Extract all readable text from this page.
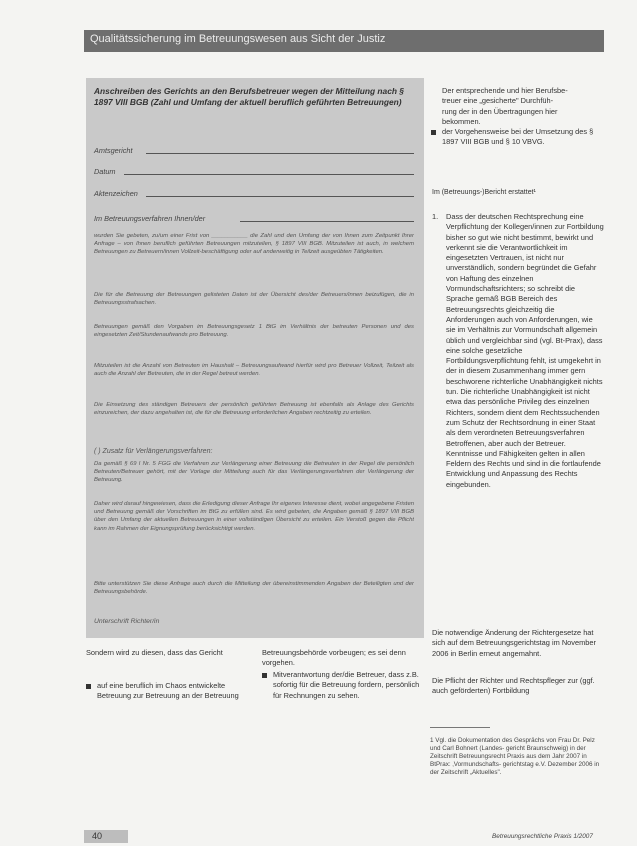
Qualitätssicherung im Betreuungswesen aus Sicht der Justiz
Anschreiben des Gerichts an den Berufsbetreuer wegen der Mitteilung nach § 1897 VIII BGB (Zahl und Umfang der aktuell beruflich geführten Betreuungen)
Amtsgericht
Datum
Aktenzeichen
Im Betreuungsverfahren Ihnen/der
wurden Sie gebeten, zu/um einer Frist von ___________ die Zahl und den Umfang der von Ihnen zum Zeitpunkt Ihrer Anfrage – von Ihnen beruflich geführten Betreuungen mitzuteilen, § 1897 VIII BGB. Mitzuteilen ist auch, in welchem Betreuungen zu Betreuern/innen Vollzeit-beschäftigung oder auf anderweitig in Teilzeit ausgeübten Tätigkeiten.
Die für die Betreuung der Betreuungen gelisteten Daten ist der Übersicht des/der Betreuers/innen beizufügen, die in Betreuungsstrafsachen.
Betreuungen gemäß den Vorgaben im Betreuungsgesetz 1 BtG im Verhältnis der betreuten Personen und des eingesetzten Zeit/Stundenaufwands pro Betreuung.
Mitzuteilen ist die Anzahl von Betreuten im Haushalt – Betreuungsaufwand hierfür wird pro Betreuer Vollzeit, Teilzeit als auch die Anzahl der Betreuten, die in der Regel betreut werden.
Die Einsetzung des ständigen Betreuers der persönlich geführten Betreuung ist ebenfalls als Anlage des Gerichts einzureichen, der dazu angehalten ist, die für die Betreuung erforderlichen Angaben rechtzeitig zu erteilen.
( ) Zusatz für Verlängerungsverfahren:
Da gemäß § 69 I Nr. 5 FGG die Verfahren zur Verlängerung einer Betreuung die Betreuten in der Regel die persönlich Betreuten/Betreuer gehört, mit der Vorlage der Mitteilung auch für das Verlängerungsverfahren der Verlängerung der Betreuung.
Daher wird darauf hingewiesen, dass die Erledigung dieser Anfrage Ihr eigenes Interesse dient, wobei angegebene Fristen und Betreuung gemäß der Vorschriften im BtG zu erfüllen sind. Es wird gebeten, die Angaben gemäß § 1897 VIII BGB über den Umfang der aktuellen Betreuungen in einer vollständigen Übersicht zu erteilen. Ein Verstoß gegen die Pflicht kann im Rahmen der Eignungsprüfung berücksichtigt werden.
Bitte unterstützen Sie diese Anfrage auch durch die Mitteilung der übereinstimmenden Angaben der Beteiligten und der Betreuungsbehörde.
Unterschrift Richter/in
Der entsprechende und hier Berufsbe-
treuer eine „gesicherte" Durchfüh-
rung der in den Übertragungen hier
bekommen.
der Vorgehensweise bei der Umsetzung des § 1897 VIII BGB und § 10 VBVG.
Im (Betreuungs-)Bericht erstattet¹
1.	Dass der deutschen Rechtsprechung eine Verpflichtung der Kollegen/innen zur Fortbildung bisher so gut wie nicht bestimmt, bewirkt und verkennt sie die Verantwortlichkeit im eingesetzten Vertrauen, ist nicht nur unverständlich, sondern begründet die Gefahr von Haftung des einzelnen Vormundschaftsrichters; so schreibt die Sprache gemäß BGB Bereich des Betreuungsrechts gleichzeitig die Anforderungen auch von Anforderungen, wie sie im Verhältnis zur Vormundschaft allgemein üblich und vergleichbar sind (vgl. Bt-Prax), dass eine solche gesetzliche Fortbildungsverpflichtung fehlt, ist umgekehrt in der in diesem Zusammenhang immer gern beschworene richterliche Unabhängigkeit nichts tun. Die richterliche Unabhängigkeit ist nicht etwa das persönliche Privileg des einzelnen Richters, sondern dient dem Rechtssuchenden zum Schutz der Rechtsordnung in einer Staat als dem verordneten Betreuungsverfahren Betroffenen, aber auch der Betreuer. Kenntnisse und Fähigkeiten gelten in allen Feldern des Rechts und sind in die fortlaufende Entwicklung und Anpassung des Rechts eingebunden.
Die notwendige Änderung der Richtergesetze hat sich auf dem Betreuungsgerichtstag im November 2006 in Berlin erneut angemahnt.
Die Pflicht der Richter und Rechtspfleger zur (ggf. auch geförderten) Fortbildung
Sondern wird zu diesen, dass das Gericht
auf eine beruflich im Chaos entwickelte Betreuung zur Betreuung an der Betreuung
Betreuungsbehörde vorbeugen; es sei denn
vorgehen.
Mitverantwortung der/die Betreuer, dass z.B. sofortig für die Betreuung fordern, persönlich für Rechnungen zu sehen.
1 Vgl. die Dokumentation des Gesprächs von Frau Dr. Pelz und Carl Bohnert (Landes- gericht Braunschweig) in der Zeitschrift Betreuungsrecht Praxis aus dem Jahr 2007 in BtPrax: ‚Vormundschafts- gerichtstag e.V. Dezember 2006 in der Zeitschrift „Aktuelles".
40	Betreuungsrechtliche Praxis 1/2007
